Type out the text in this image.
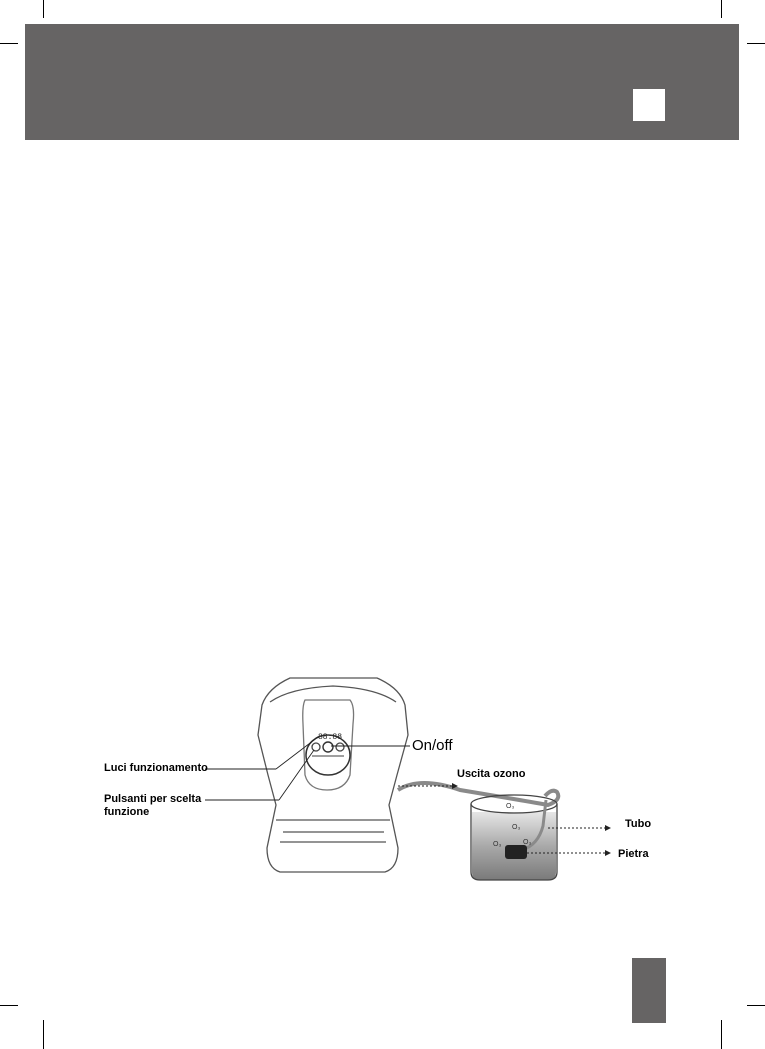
88:88
O₃
O₃
O₃	O₃
Luci funzionamento
Pulsanti per scelta
funzione
On/off
Uscita ozono
Tubo
Pietra
